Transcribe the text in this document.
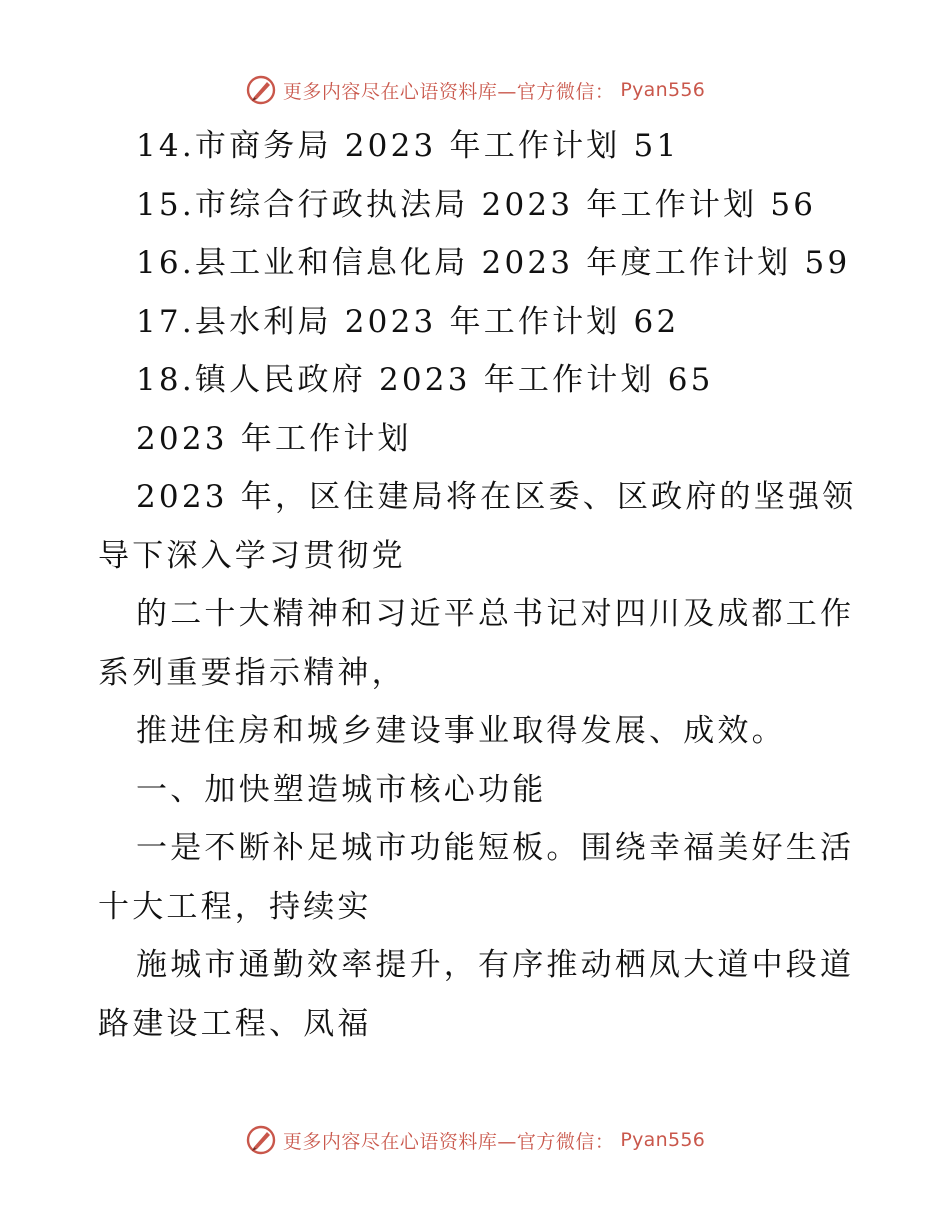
更多内容尽在心语资料库—官方微信： Pyan556
14.市商务局 2023 年工作计划 51
15.市综合行政执法局 2023 年工作计划 56
16.县工业和信息化局 2023 年度工作计划 59
17.县水利局 2023 年工作计划 62
18.镇人民政府 2023 年工作计划 65
2023 年工作计划
2023 年，区住建局将在区委、区政府的坚强领
导下深入学习贯彻党
的二十大精神和习近平总书记对四川及成都工作
系列重要指示精神，
推进住房和城乡建设事业取得发展、成效。
一、加快塑造城市核心功能
一是不断补足城市功能短板。围绕幸福美好生活
十大工程，持续实
施城市通勤效率提升，有序推动栖凤大道中段道
路建设工程、凤福
更多内容尽在心语资料库—官方微信： Pyan556
